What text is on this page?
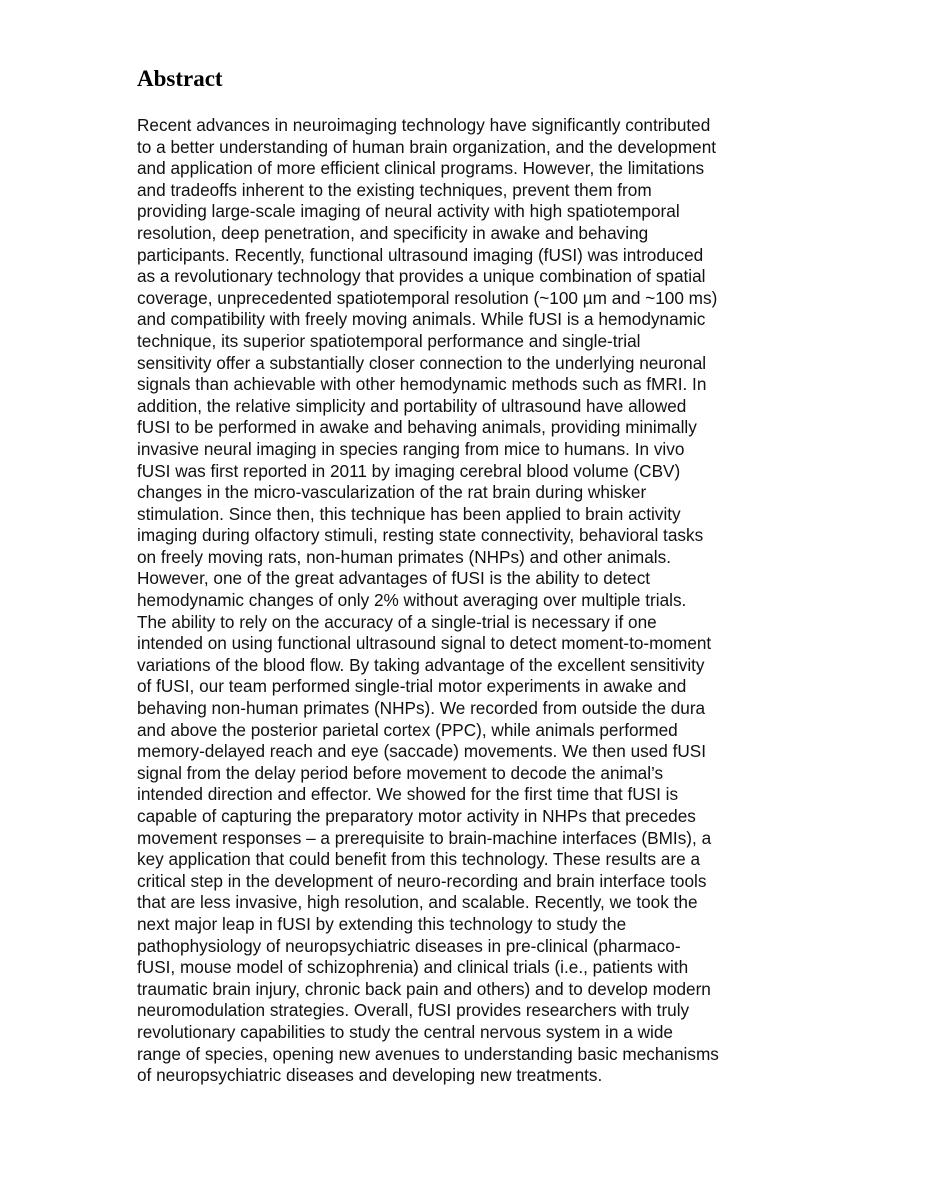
Abstract
Recent advances in neuroimaging technology have significantly contributed
to a better understanding of human brain organization, and the development
and application of more efficient clinical programs. However, the limitations
and tradeoffs inherent to the existing techniques, prevent them from
providing large-scale imaging of neural activity with high spatiotemporal
resolution, deep penetration, and specificity in awake and behaving
participants. Recently, functional ultrasound imaging (fUSI) was introduced
as a revolutionary technology that provides a unique combination of spatial
coverage, unprecedented spatiotemporal resolution (~100 µm and ~100 ms)
and compatibility with freely moving animals. While fUSI is a hemodynamic
technique, its superior spatiotemporal performance and single-trial
sensitivity offer a substantially closer connection to the underlying neuronal
signals than achievable with other hemodynamic methods such as fMRI. In
addition, the relative simplicity and portability of ultrasound have allowed
fUSI to be performed in awake and behaving animals, providing minimally
invasive neural imaging in species ranging from mice to humans. In vivo
fUSI was first reported in 2011 by imaging cerebral blood volume (CBV)
changes in the micro-vascularization of the rat brain during whisker
stimulation. Since then, this technique has been applied to brain activity
imaging during olfactory stimuli, resting state connectivity, behavioral tasks
on freely moving rats, non-human primates (NHPs) and other animals.
However, one of the great advantages of fUSI is the ability to detect
hemodynamic changes of only 2% without averaging over multiple trials.
The ability to rely on the accuracy of a single-trial is necessary if one
intended on using functional ultrasound signal to detect moment-to-moment
variations of the blood flow. By taking advantage of the excellent sensitivity
of fUSI, our team performed single-trial motor experiments in awake and
behaving non-human primates (NHPs). We recorded from outside the dura
and above the posterior parietal cortex (PPC), while animals performed
memory-delayed reach and eye (saccade) movements. We then used fUSI
signal from the delay period before movement to decode the animal’s
intended direction and effector. We showed for the first time that fUSI is
capable of capturing the preparatory motor activity in NHPs that precedes
movement responses – a prerequisite to brain-machine interfaces (BMIs), a
key application that could benefit from this technology. These results are a
critical step in the development of neuro-recording and brain interface tools
that are less invasive, high resolution, and scalable. Recently, we took the
next major leap in fUSI by extending this technology to study the
pathophysiology of neuropsychiatric diseases in pre-clinical (pharmaco-
fUSI, mouse model of schizophrenia) and clinical trials (i.e., patients with
traumatic brain injury, chronic back pain and others) and to develop modern
neuromodulation strategies. Overall, fUSI provides researchers with truly
revolutionary capabilities to study the central nervous system in a wide
range of species, opening new avenues to understanding basic mechanisms
of neuropsychiatric diseases and developing new treatments.
